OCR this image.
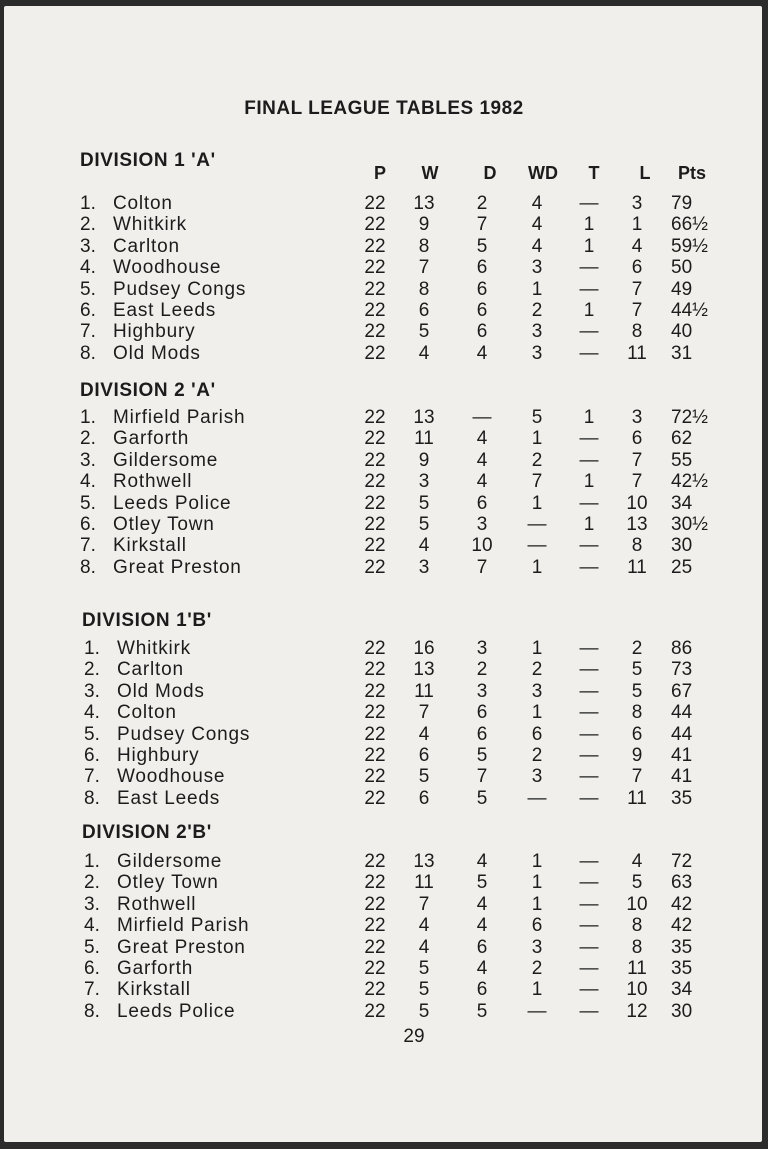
FINAL LEAGUE TABLES 1982
P	W	D	WD	T	L	Pts
DIVISION 1 'A'
1. Colton	22	13	2	4	—	3	79
2. Whitkirk	22	9	7	4	1	1	66½
3. Carlton	22	8	5	4	1	4	59½
4. Woodhouse	22	7	6	3	—	6	50
5. Pudsey Congs	22	8	6	1	—	7	49
6. East Leeds	22	6	6	2	1	7	44½
7. Highbury	22	5	6	3	—	8	40
8. Old Mods	22	4	4	3	—	11	31
DIVISION 2 'A'
1. Mirfield Parish	22	13	—	5	1	3	72½
2. Garforth	22	11	4	1	—	6	62
3. Gildersome	22	9	4	2	—	7	55
4. Rothwell	22	3	4	7	1	7	42½
5. Leeds Police	22	5	6	1	—	10	34
6. Otley Town	22	5	3	—	1	13	30½
7. Kirkstall	22	4	10	—	—	8	30
8. Great Preston	22	3	7	1	—	11	25
DIVISION 1'B'
1. Whitkirk	22	16	3	1	—	2	86
2. Carlton	22	13	2	2	—	5	73
3. Old Mods	22	11	3	3	—	5	67
4. Colton	22	7	6	1	—	8	44
5. Pudsey Congs	22	4	6	6	—	6	44
6. Highbury	22	6	5	2	—	9	41
7. Woodhouse	22	5	7	3	—	7	41
8. East Leeds	22	6	5	—	—	11	35
DIVISION 2'B'
1. Gildersome	22	13	4	1	—	4	72
2. Otley Town	22	11	5	1	—	5	63
3. Rothwell	22	7	4	1	—	10	42
4. Mirfield Parish	22	4	4	6	—	8	42
5. Great Preston	22	4	6	3	—	8	35
6. Garforth	22	5	4	2	—	11	35
7. Kirkstall	22	5	6	1	—	10	34
8. Leeds Police	22	5	5	—	—	12	30
29
